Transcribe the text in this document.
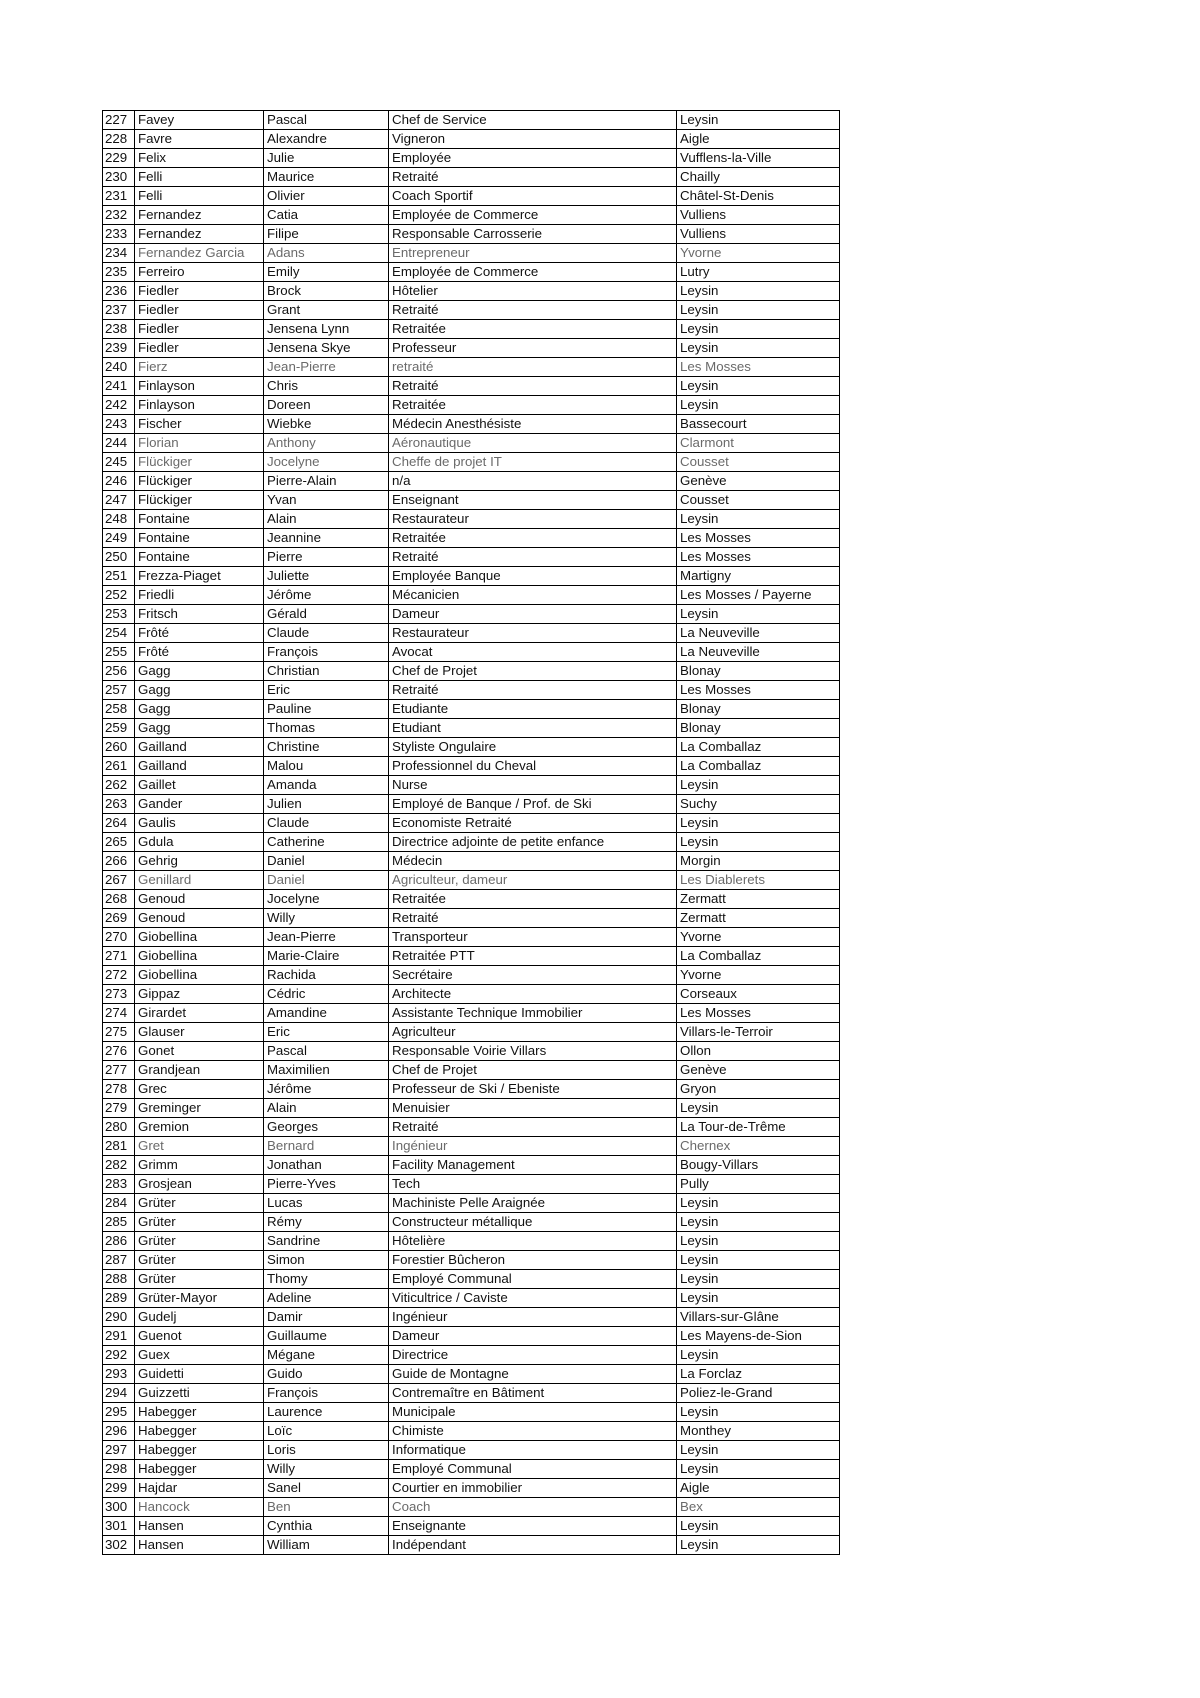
227	Favey	Pascal	Chef de Service	Leysin
228	Favre	Alexandre	Vigneron	Aigle
229	Felix	Julie	Employée	Vufflens-la-Ville
230	Felli	Maurice	Retraité	Chailly
231	Felli	Olivier	Coach Sportif	Châtel-St-Denis
232	Fernandez	Catia	Employée de Commerce	Vulliens
233	Fernandez	Filipe	Responsable Carrosserie	Vulliens
234	Fernandez Garcia	Adans	Entrepreneur	Yvorne
235	Ferreiro	Emily	Employée de Commerce	Lutry
236	Fiedler	Brock	Hôtelier	Leysin
237	Fiedler	Grant	Retraité	Leysin
238	Fiedler	Jensena Lynn	Retraitée	Leysin
239	Fiedler	Jensena Skye	Professeur	Leysin
240	Fierz	Jean-Pierre	retraité	Les Mosses
241	Finlayson	Chris	Retraité	Leysin
242	Finlayson	Doreen	Retraitée	Leysin
243	Fischer	Wiebke	Médecin Anesthésiste	Bassecourt
244	Florian	Anthony	Aéronautique	Clarmont
245	Flückiger	Jocelyne	Cheffe de projet IT	Cousset
246	Flückiger	Pierre-Alain	n/a	Genève
247	Flückiger	Yvan	Enseignant	Cousset
248	Fontaine	Alain	Restaurateur	Leysin
249	Fontaine	Jeannine	Retraitée	Les Mosses
250	Fontaine	Pierre	Retraité	Les Mosses
251	Frezza-Piaget	Juliette	Employée Banque	Martigny
252	Friedli	Jérôme	Mécanicien	Les Mosses / Payerne
253	Fritsch	Gérald	Dameur	Leysin
254	Frôté	Claude	Restaurateur	La Neuveville
255	Frôté	François	Avocat	La Neuveville
256	Gagg	Christian	Chef de Projet	Blonay
257	Gagg	Eric	Retraité	Les Mosses
258	Gagg	Pauline	Etudiante	Blonay
259	Gagg	Thomas	Etudiant	Blonay
260	Gailland	Christine	Styliste Ongulaire	La Comballaz
261	Gailland	Malou	Professionnel du Cheval	La Comballaz
262	Gaillet	Amanda	Nurse	Leysin
263	Gander	Julien	Employé de Banque / Prof. de Ski	Suchy
264	Gaulis	Claude	Economiste Retraité	Leysin
265	Gdula	Catherine	Directrice adjointe de petite enfance	Leysin
266	Gehrig	Daniel	Médecin	Morgin
267	Genillard	Daniel	Agriculteur, dameur	Les Diablerets
268	Genoud	Jocelyne	Retraitée	Zermatt
269	Genoud	Willy	Retraité	Zermatt
270	Giobellina	Jean-Pierre	Transporteur	Yvorne
271	Giobellina	Marie-Claire	Retraitée PTT	La Comballaz
272	Giobellina	Rachida	Secrétaire	Yvorne
273	Gippaz	Cédric	Architecte	Corseaux
274	Girardet	Amandine	Assistante Technique Immobilier	Les Mosses
275	Glauser	Eric	Agriculteur	Villars-le-Terroir
276	Gonet	Pascal	Responsable Voirie Villars	Ollon
277	Grandjean	Maximilien	Chef de Projet	Genève
278	Grec	Jérôme	Professeur de Ski / Ebeniste	Gryon
279	Greminger	Alain	Menuisier	Leysin
280	Gremion	Georges	Retraité	La Tour-de-Trême
281	Gret	Bernard	Ingénieur	Chernex
282	Grimm	Jonathan	Facility Management	Bougy-Villars
283	Grosjean	Pierre-Yves	Tech	Pully
284	Grüter	Lucas	Machiniste Pelle Araignée	Leysin
285	Grüter	Rémy	Constructeur métallique	Leysin
286	Grüter	Sandrine	Hôtelière	Leysin
287	Grüter	Simon	Forestier Bûcheron	Leysin
288	Grüter	Thomy	Employé Communal	Leysin
289	Grüter-Mayor	Adeline	Viticultrice / Caviste	Leysin
290	Gudelj	Damir	Ingénieur	Villars-sur-Glâne
291	Guenot	Guillaume	Dameur	Les Mayens-de-Sion
292	Guex	Mégane	Directrice	Leysin
293	Guidetti	Guido	Guide de Montagne	La Forclaz
294	Guizzetti	François	Contremaître en Bâtiment	Poliez-le-Grand
295	Habegger	Laurence	Municipale	Leysin
296	Habegger	Loïc	Chimiste	Monthey
297	Habegger	Loris	Informatique	Leysin
298	Habegger	Willy	Employé Communal	Leysin
299	Hajdar	Sanel	Courtier en immobilier	Aigle
300	Hancock	Ben	Coach	Bex
301	Hansen	Cynthia	Enseignante	Leysin
302	Hansen	William	Indépendant	Leysin
